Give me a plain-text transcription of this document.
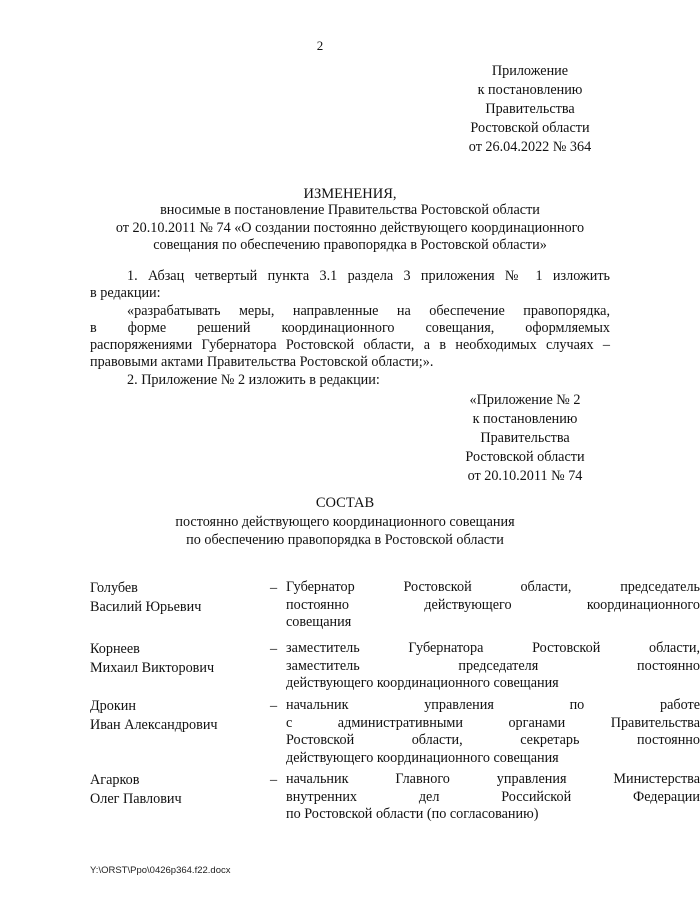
2
Приложение
к постановлению
Правительства
Ростовской области
от 26.04.2022 № 364
ИЗМЕНЕНИЯ,
вносимые в постановление Правительства Ростовской области
от 20.10.2011 № 74 «О создании постоянно действующего координационного
совещания по обеспечению правопорядка в Ростовской области»
1. Абзац четвертый пункта 3.1 раздела 3 приложения № 1 изложить
в редакции:
«разрабатывать меры, направленные на обеспечение правопорядка,
в форме решений координационного совещания, оформляемых
распоряжениями Губернатора Ростовской области, а в необходимых случаях –
правовыми актами Правительства Ростовской области;».
2. Приложение № 2 изложить в редакции:
«Приложение № 2
к постановлению
Правительства
Ростовской области
от 20.10.2011 № 74
СОСТАВ
постоянно действующего координационного совещания
по обеспечению правопорядка в Ростовской области
Голубев
Василий Юрьевич
– Губернатор Ростовской области, председатель
постоянно действующего координационного
совещания
Корнеев
Михаил Викторович
– заместитель Губернатора Ростовской области,
заместитель председателя постоянно
действующего координационного совещания
Дрокин
Иван Александрович
– начальник управления по работе
с административными органами Правительства
Ростовской области, секретарь постоянно
действующего координационного совещания
Агарков
Олег Павлович
– начальник Главного управления Министерства
внутренних дел Российской Федерации
по Ростовской области (по согласованию)
Y:\ORST\Ppo\0426p364.f22.docx
